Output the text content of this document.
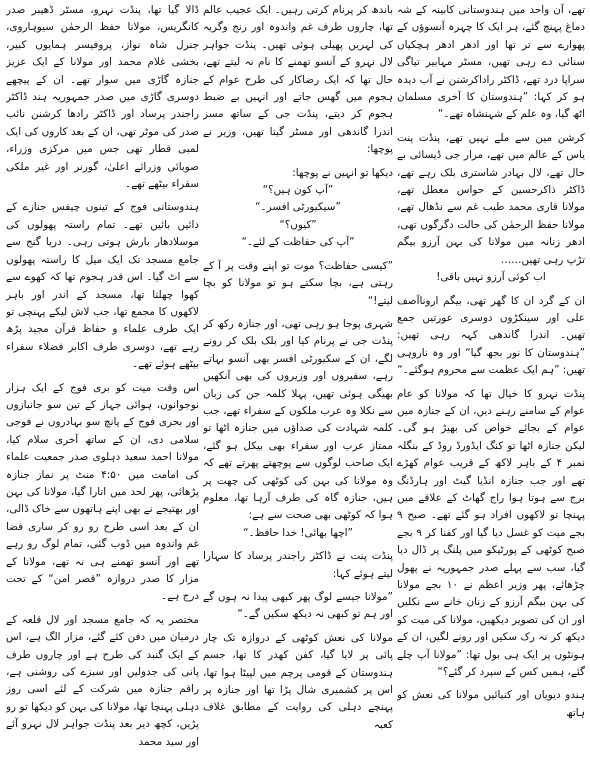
تھے، آن واحد میں ہندوستانی کابینہ کے شہ دماغ پہنچ گئے، ہر ایک کا چہرہ آنسوؤں کے پھوارے سے تر تھا اور ادھر ادھر ہچکیاں سنائی دے رہی تھیں، مسٹر مہابیر تیاگی سراپا درد تھے، ڈاکٹر راداکرشنن نے آب دیدہ ہو کر کہا: ”ہندوستان کا آخری مسلمان اٹھ گیا، وہ علم کے شہنشاہ تھے۔“

کرشن مین سے ملے نہیں تھے، پنڈت پنت یاس کے عالم میں تھے، مرار جی ڈیسائی بے حال تھے، لال بہادر شاستری بلک رہے تھے، ڈاکٹر ذاکرحسین کے حواس معطل تھے، مولانا قاری محمد طیب غم سے نڈھال تھے، مولانا حفظ الرحمٰن کی حالت دگرگوں تھی، ادھر زنانہ میں مولانا کی بہن آرزو بیگم تڑپ رہی تھیں……

اب کوئی آرزو نہیں باقی!

ان کے گرد ان کا گھر تھی، بیگم اروناآصف علی اور سینکڑوں دوسری عورتیں جمع تھیں۔ اندرا گاندھی کہہ رہی تھیں: ”ہندوستان کا نور بجھ گیا“ اور وہ ناروہی تھیں: ”ہم ایک عظمت سے محروم ہوگئے۔“

پنڈت نہرو کا خیال تھا کہ مولانا کو عام عوام کے سامنے رہنے دیں، ان کے جنازہ میں عوام کے بجائے خواص کی بھیڑ ہو گی۔ لیکن جنازہ اٹھا تو کنگ ایڈورڈ روڈ کے بنگلہ نمبر ۴ کے باہر لاکھ کے قریب عوام کھڑے تھے اور جب جنازہ انڈیا گیٹ اور ہارڈنگ برج سے ہوتا ہوا راج گھاٹ کے علاقے میں پہنچا تو لاکھوں افراد ہو گئے تھے۔ صبح ۹ بجے میت کو غسل دیا گیا اور کفنا کر ۹ بجے صبح کوٹھی کے پورٹیکو میں پلنگ پر ڈال دیا گیا، سب سے پہلے صدر جمہوریہ نے پھول چڑھائے، پھر وزیر اعظم نے ۱۰ بجے مولانا کی بہن بیگم آرزو کے زنان خانے سے نکلیں اور ان کی تصویر دیکھیں، مولانا کی میت کو دیکھ کر نہ رک سکیں اور رونے لگیں، ان کے ہونٹوں پر ایک ہی بول تھا: ”مولانا آپ چلے گئے، ہمیں کس کے سپرد کر گئے؟“

ہندو دیویاں اور کنیائیں مولانا کی نعش کو ہاتھ

باندھ کر پرنام کرتی رہیں۔ ایک عجیب عالم تھا، چاروں طرف غم واندوہ اور رنج وگریہ کی لہریں پھیلی ہوئی تھیں۔ پنڈت جواہر لال نہرو کے آنسو تھمنے کا نام نہ لیتے تھے، حال تھا کہ ایک رضاکار کی طرح عوام کے ہجوم میں گھس جاتے اور انہیں بے ضبط ہجوم کر دیتے، پنڈت جی کے ساتھ مسز اندرا گاندھی اور مسٹر گیتا تھیں، وزیر نے پوچھا:

دیکھا تو انہیں نے پوچھا:

”آپ کون ہیں؟“

”سیکیورٹی افسر۔“

”کیوں؟“

”آپ کی حفاظت کے لئے۔“

”کیسی حفاظت؟ موت تو اپنے وقت پر آ کے رہتی ہے، بچا سکتے ہو تو مولانا کو بچا لیتے!“

شہری پوجا ہو رہی تھی، اور جنازہ رکھ کر پنڈت جی نے پرنام کیا اور بلک بلک کر رونے لگے، ان کے سکیورٹی افسر بھی آنسو بہاتے رہے، سفیروں اور وزیروں کی بھی آنکھیں بھیگی ہوئی تھیں، پہلا کلمہ جن کی زبان سے نکلا وہ عرب ملکوں کے سفراء تھے، جب کلمہ شہادت کی صداؤں میں جنازہ اٹھا تو ممتاز عرب اور سفراء بھی بیکل ہو گئے، ایک صاحب لوگوں سے پوچھتے پھرتے تھے کہ وہ مولانا کی بہن کی کوٹھی کی چھت پر ہیں، جنازہ گاہ کی طرف آرہا تھا، معلوم ہوا کہ کوٹھی بھی صحت سے ہے:

”اچھا بھائی! خدا حافظ۔“

پنڈت پنت نے ڈاکٹر راجندر پرساد کا سہارا لیتے ہوئے کہا:

”مولانا جیسے لوگ پھر کبھی پیدا نہ ہوں گے اور ہم تو کبھی نہ دیکھ سکیں گے۔“

مولانا کی نعش کوٹھی کے دروازہ تک چار پائی پر لایا گیا، کفن کھدر کا تھا، جسم ہندوستان کے قومی پرچم میں لپیٹا ہوا تھا، اس پر کشمیری شال پڑا تھا اور جنازہ پر پہنچے دہلی کی روایت کے مطابق غلاف کعبہ

ڈالا گیا تھا، پنڈت نہرو، مسٹر ڈھیبر صدر کانگریس، مولانا حفظ الرحمٰن سیوہاروی، جنرل شاہ نواز، پروفیسر ہمایوں کبیر، بخشی غلام محمد اور مولانا کے ایک عزیز جنازہ گاڑی میں سوار تھے۔ ان کے پیچھے دوسری گاڑی میں صدر جمہوریہ ہند ڈاکٹر راجندر پرساد اور ڈاکٹر رادھا کرشنن نائب صدر کی موٹر تھی، ان کے بعد کاروں کی ایک لمبی قطار تھی جس میں مرکزی وزراء، صوبائی وزرائے اعلیٰ، گورنر اور غیر ملکی سفراء بیٹھے تھے۔

ہندوستانی فوج کے تینوں چیفس جنازے کے دائیں بائیں تھے۔ تمام راستہ پھولوں کی موسلادھار بارش ہوتی رہی۔ دریا گنج سے جامع مسجد تک ایک میل کا راستہ پھولوں سے اٹ گیا۔ اس قدر ہجوم تھا کہ کھوے سے کھوا چھلتا تھا، مسجد کے اندر اور باہر لاکھوں کا مجمع تھا، جب لاش لیکے پہنچی تو ایک طرف علماء و حفاظ قرآن مجید پڑھ رہے تھے، دوسری طرف اکابر فضلاء سفراء بیٹھے ہوئے تھے۔

اس وقت میت کو بری فوج کے ایک ہزار نوجوانوں، ہوائی جہاز کے تین سو جانبازوں اور بحری فوج کے پانچ سو بہادروں نے فوجی سلامی دی، ان کے ساتھ آخری سلام کیا، مولانا احمد سعید دہلوی صدر جمعیت علماء کی امامت میں ۴:۵۰ منٹ پر نماز جنازہ پڑھائی، پھر لحد میں اتارا گیا، مولانا کی بہن اور بھتیجے نے بھی اپنے ہاتھوں سے خاک ڈالی، ان کے بعد اسی طرح رو رو کر ساری فضا غم واندوہ میں ڈوب گئی، تمام لوگ رو رہے تھے اور آنسو تھمنے ہی نہ تھے، مولانا کے مزار کا صدر دروازہ ”قصر امن“ کے تحت درج ہے۔

مختصر یہ کہ جامع مسجد اور لال قلعہ کے درمیان میں دفن کئے گئے، مزار الگ ہے، اس کے ایک گنبد کی طرح ہے اور چاروں طرف پانی کی جدولیں اور سبزے کی روشنی ہے، راقم جنازہ میں شرکت کے لئے اسی روز دہلی پہنچا تھا، مولانا کی بہن کو دیکھا تو رو پڑیں، کچھ دیر بعد پنڈت جواہر لال نہرو آئے اور سید محمد
